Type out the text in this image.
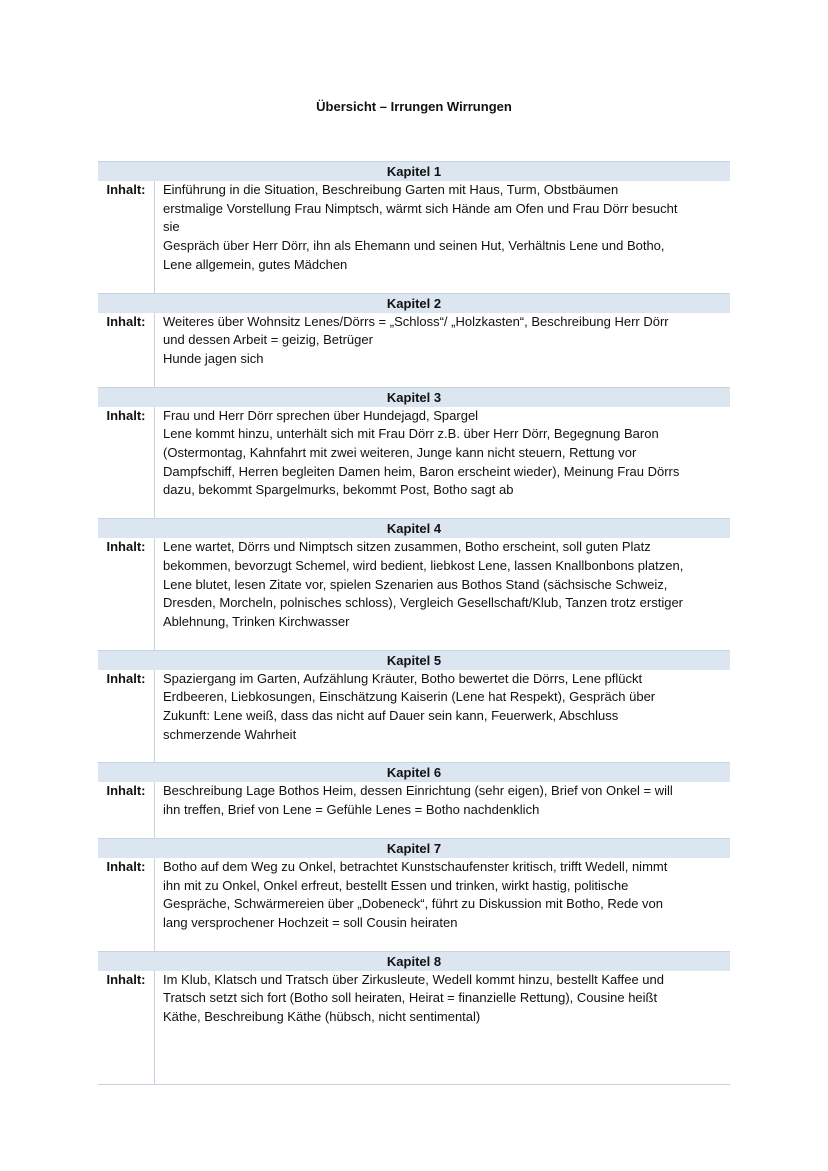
Übersicht – Irrungen Wirrungen
Kapitel 1
Inhalt:	Einführung in die Situation, Beschreibung Garten mit Haus, Turm, Obstbäumen
erstmalige Vorstellung Frau Nimptsch, wärmt sich Hände am Ofen und Frau Dörr besucht
sie
Gespräch über Herr Dörr, ihn als Ehemann und seinen Hut, Verhältnis Lene und Botho,
Lene allgemein, gutes Mädchen
Kapitel 2
Inhalt:	Weiteres über Wohnsitz Lenes/Dörrs = „Schloss“/ „Holzkasten“, Beschreibung Herr Dörr
und dessen Arbeit = geizig, Betrüger
Hunde jagen sich
Kapitel 3
Inhalt:	Frau und Herr Dörr sprechen über Hundejagd, Spargel
Lene kommt hinzu, unterhält sich mit Frau Dörr z.B. über Herr Dörr, Begegnung Baron
(Ostermontag, Kahnfahrt mit zwei weiteren, Junge kann nicht steuern, Rettung vor
Dampfschiff, Herren begleiten Damen heim, Baron erscheint wieder), Meinung Frau Dörrs
dazu, bekommt Spargelmurks, bekommt Post, Botho sagt ab
Kapitel 4
Inhalt:	Lene wartet, Dörrs und Nimptsch sitzen zusammen, Botho erscheint, soll guten Platz
bekommen, bevorzugt Schemel, wird bedient, liebkost Lene, lassen Knallbonbons platzen,
Lene blutet, lesen Zitate vor, spielen Szenarien aus Bothos Stand (sächsische Schweiz,
Dresden, Morcheln, polnisches schloss), Vergleich Gesellschaft/Klub, Tanzen trotz erstiger
Ablehnung, Trinken Kirchwasser
Kapitel 5
Inhalt:	Spaziergang im Garten, Aufzählung Kräuter, Botho bewertet die Dörrs, Lene pflückt
Erdbeeren, Liebkosungen, Einschätzung Kaiserin (Lene hat Respekt), Gespräch über
Zukunft: Lene weiß, dass das nicht auf Dauer sein kann, Feuerwerk, Abschluss
schmerzende Wahrheit
Kapitel 6
Inhalt:	Beschreibung Lage Bothos Heim, dessen Einrichtung (sehr eigen), Brief von Onkel = will
ihn treffen, Brief von Lene = Gefühle Lenes = Botho nachdenklich
Kapitel 7
Inhalt:	Botho auf dem Weg zu Onkel, betrachtet Kunstschaufenster kritisch, trifft Wedell, nimmt
ihn mit zu Onkel, Onkel erfreut, bestellt Essen und trinken, wirkt hastig, politische
Gespräche, Schwärmereien über „Dobeneck“, führt zu Diskussion mit Botho, Rede von
lang versprochener Hochzeit = soll Cousin heiraten
Kapitel 8
Inhalt:	Im Klub, Klatsch und Tratsch über Zirkusleute, Wedell kommt hinzu, bestellt Kaffee und
Tratsch setzt sich fort (Botho soll heiraten, Heirat = finanzielle Rettung), Cousine heißt
Käthe, Beschreibung Käthe (hübsch, nicht sentimental)
